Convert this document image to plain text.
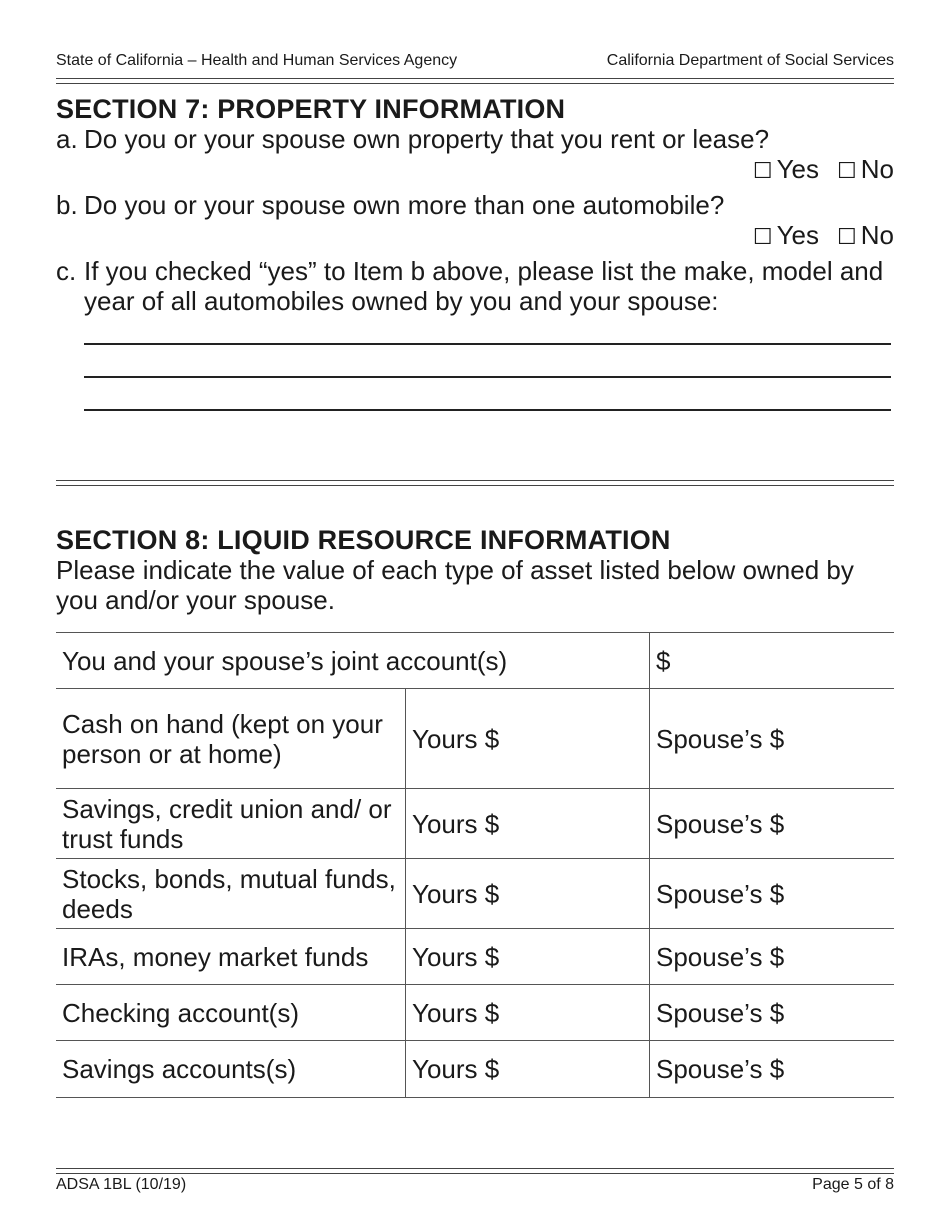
State of California – Health and Human Services Agency	California Department of Social Services
SECTION 7: PROPERTY INFORMATION
a. Do you or your spouse own property that you rent or lease?
☐ Yes ☐ No
b. Do you or your spouse own more than one automobile?
☐ Yes ☐ No
c. If you checked “yes” to Item b above, please list the make, model and year of all automobiles owned by you and your spouse:
SECTION 8: LIQUID RESOURCE INFORMATION
Please indicate the value of each type of asset listed below owned by you and/or your spouse.
You and your spouse’s joint account(s)	$
Cash on hand (kept on your person or at home)	Yours $	Spouse’s $
Savings, credit union and/ or trust funds	Yours $	Spouse’s $
Stocks, bonds, mutual funds, deeds	Yours $	Spouse’s $
IRAs, money market funds	Yours $	Spouse’s $
Checking account(s)	Yours $	Spouse’s $
Savings accounts(s)	Yours $	Spouse’s $
ADSA 1BL (10/19)	Page 5 of 8
